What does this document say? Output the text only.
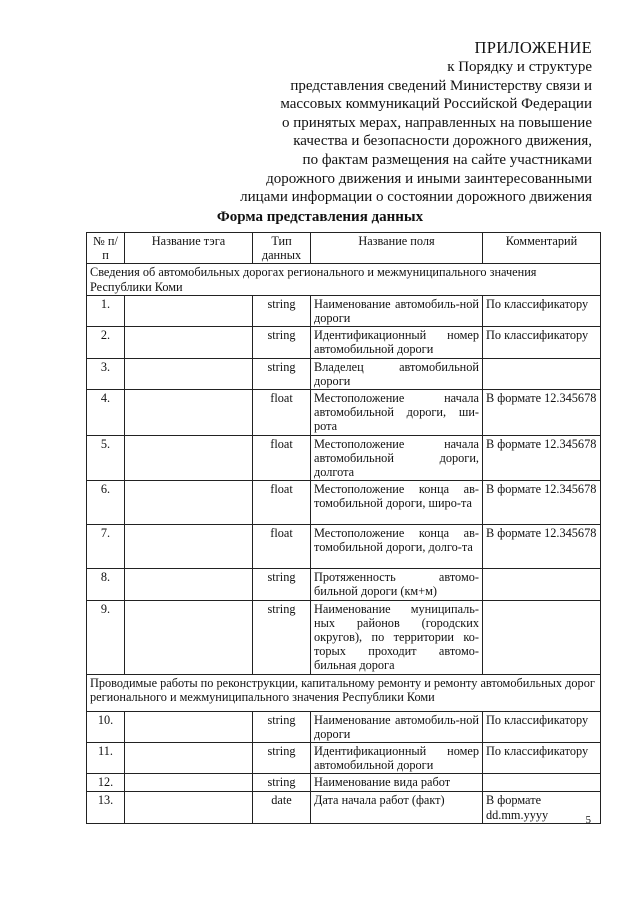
ПРИЛОЖЕНИЕ
к Порядку и структуре
представления сведений Министерству связи и
массовых коммуникаций Российской Федерации
о принятых мерах, направленных на повышение
качества и безопасности дорожного движения,
по фактам размещения на сайте участниками
дорожного движения и иными заинтересованными
лицами информации о состоянии дорожного движения
Форма представления данных
№ п/п	Название тэга	Тип данных	Название поля	Комментарий
Сведения об автомобильных дорогах регионального и межмуниципального значения Республики Коми				
1.		string	Наименование автомобиль-ной дороги	По классификатору
2.		string	Идентификационный номер автомобильной дороги	По классификатору
3.		string	Владелец автомобильной дороги	
4.		float	Местоположение начала автомобильной дороги, ши-рота	В формате 12.345678
5.		float	Местоположение начала автомобильной дороги, долгота	В формате 12.345678
6.		float	Местоположение конца ав-томобильной дороги, широ-та	В формате 12.345678
7.		float	Местоположение конца ав-томобильной дороги, долго-та	В формате 12.345678
8.		string	Протяженность автомо-бильной дороги (км+м)	
9.		string	Наименование муниципаль-ных районов (городских округов), по территории ко-торых проходит автомо-бильная дорога	
Проводимые работы по реконструкции, капитальному ремонту и ремонту автомобильных дорог регионального и межмуниципального значения Республики Коми				
10.		string	Наименование автомобиль-ной дороги	По классификатору
11.		string	Идентификационный номер автомобильной дороги	По классификатору
12.		string	Наименование вида работ	
13.		date	Дата начала работ (факт)	В формате dd.mm.yyyy	5
